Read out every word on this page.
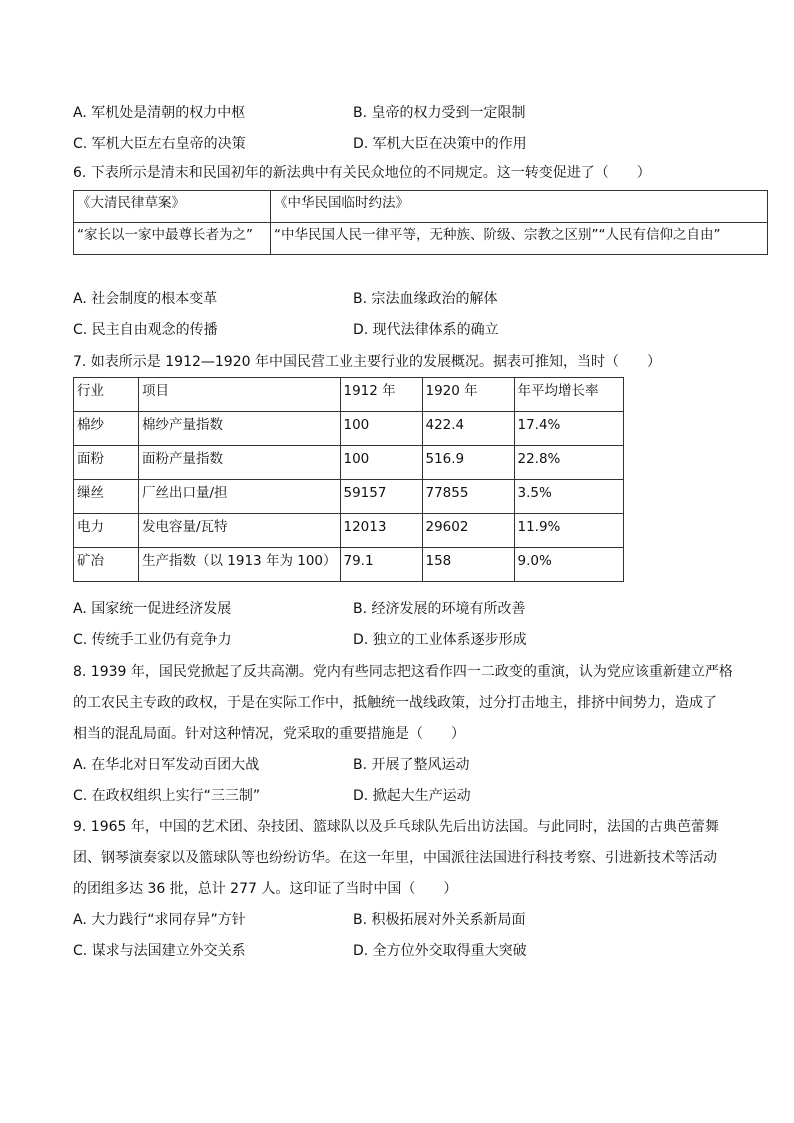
A. 军机处是清朝的权力中枢	B. 皇帝的权力受到一定限制
C. 军机大臣左右皇帝的决策	D. 军机大臣在决策中的作用
6. 下表所示是清末和民国初年的新法典中有关民众地位的不同规定。这一转变促进了（　　）
《大清民律草案》	《中华民国临时约法》
“家长以一家中最尊长者为之”	“中华民国人民一律平等，无种族、阶级、宗教之区别”“人民有信仰之自由”
A. 社会制度的根本变革	B. 宗法血缘政治的解体
C. 民主自由观念的传播	D. 现代法律体系的确立
7. 如表所示是 1912—1920 年中国民营工业主要行业的发展概况。据表可推知，当时（　　）
行业	项目	1912 年	1920 年	年平均增长率
棉纱	棉纱产量指数	100	422.4	17.4%
面粉	面粉产量指数	100	516.9	22.8%
缫丝	厂丝出口量/担	59157	77855	3.5%
电力	发电容量/瓦特	12013	29602	11.9%
矿冶	生产指数（以 1913 年为 100）	79.1	158	9.0%
A. 国家统一促进经济发展	B. 经济发展的环境有所改善
C. 传统手工业仍有竞争力	D. 独立的工业体系逐步形成
8. 1939 年，国民党掀起了反共高潮。党内有些同志把这看作四一二政变的重演，认为党应该重新建立严格
的工农民主专政的政权，于是在实际工作中，抵触统一战线政策，过分打击地主，排挤中间势力，造成了
相当的混乱局面。针对这种情况，党采取的重要措施是（　　）
A. 在华北对日军发动百团大战	B. 开展了整风运动
C. 在政权组织上实行“三三制”	D. 掀起大生产运动
9. 1965 年，中国的艺术团、杂技团、篮球队以及乒乓球队先后出访法国。与此同时，法国的古典芭蕾舞
团、钢琴演奏家以及篮球队等也纷纷访华。在这一年里，中国派往法国进行科技考察、引进新技术等活动
的团组多达 36 批，总计 277 人。这印证了当时中国（　　）
A. 大力践行“求同存异”方针	B. 积极拓展对外关系新局面
C. 谋求与法国建立外交关系	D. 全方位外交取得重大突破
